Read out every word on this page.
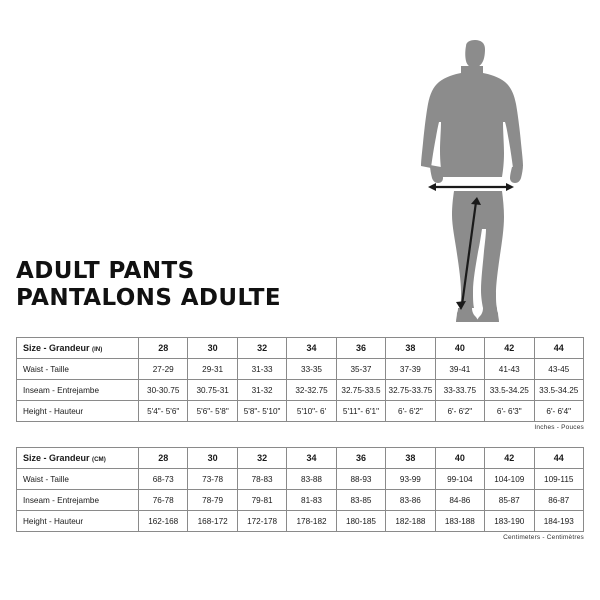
ADULT PANTS
PANTALONS ADULTE
Size - Grandeur (IN)	28	30	32	34	36	38	40	42	44
Waist - Taille	27-29	29-31	31-33	33-35	35-37	37-39	39-41	41-43	43-45
Inseam - Entrejambe	30-30.75	30.75-31	31-32	32-32.75	32.75-33.5	32.75-33.75	33-33.75	33.5-34.25	33.5-34.25
Height - Hauteur	5'4"- 5'6"	5'6"- 5'8"	5'8"- 5'10"	5'10"- 6'	5'11"- 6'1"	6'- 6'2"	6'- 6'2"	6'- 6'3"	6'- 6'4"
Inches - Pouces
Size - Grandeur (CM)	28	30	32	34	36	38	40	42	44
Waist - Taille	68-73	73-78	78-83	83-88	88-93	93-99	99-104	104-109	109-115
Inseam - Entrejambe	76-78	78-79	79-81	81-83	83-85	83-86	84-86	85-87	86-87
Height - Hauteur	162-168	168-172	172-178	178-182	180-185	182-188	183-188	183-190	184-193
Centimeters - Centimètres
